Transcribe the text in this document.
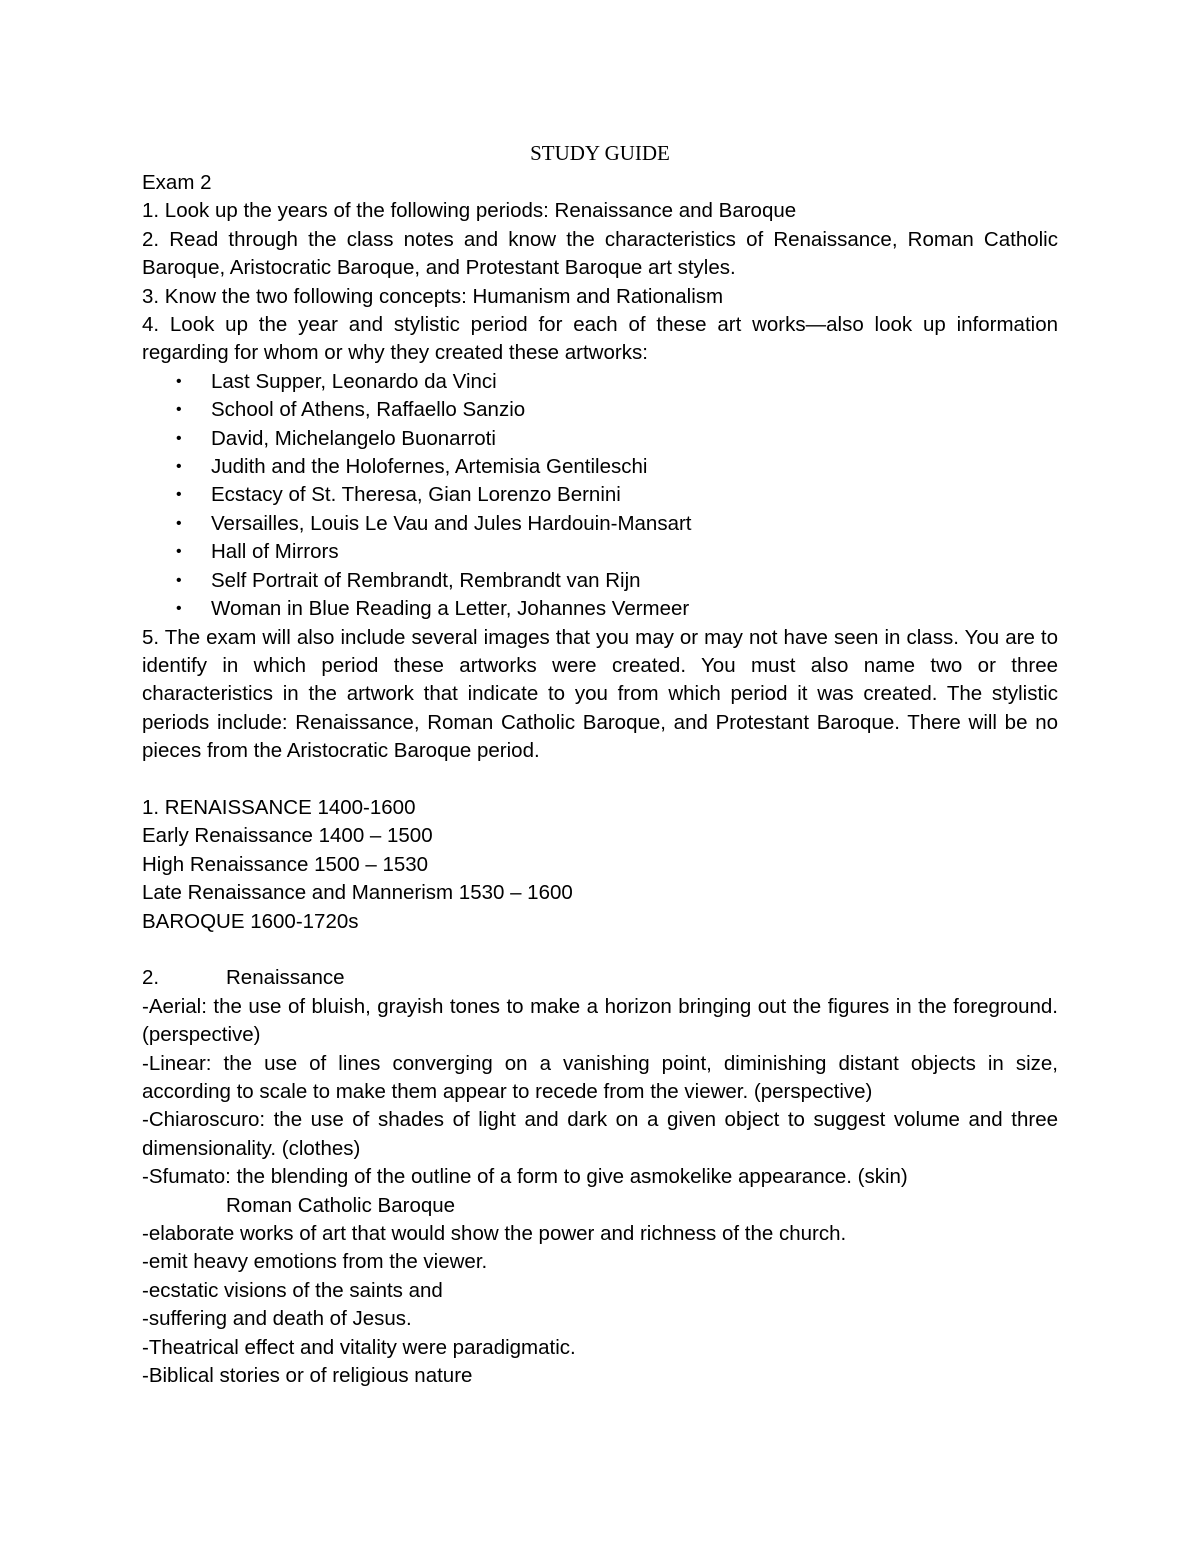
STUDY GUIDE
Exam 2
1. Look up the years of the following periods: Renaissance and Baroque
2. Read through the class notes and know the characteristics of Renaissance, Roman Catholic Baroque, Aristocratic Baroque, and Protestant Baroque art styles.
3. Know the two following concepts: Humanism and Rationalism
4. Look up the year and stylistic period for each of these art works—also look up information regarding for whom or why they created these artworks:
• Last Supper, Leonardo da Vinci
• School of Athens, Raffaello Sanzio
• David, Michelangelo Buonarroti
• Judith and the Holofernes, Artemisia Gentileschi
• Ecstacy of St. Theresa, Gian Lorenzo Bernini
• Versailles, Louis Le Vau and Jules Hardouin-Mansart
• Hall of Mirrors
• Self Portrait of Rembrandt, Rembrandt van Rijn
• Woman in Blue Reading a Letter, Johannes Vermeer
5. The exam will also include several images that you may or may not have seen in class. You are to identify in which period these artworks were created. You must also name two or three characteristics in the artwork that indicate to you from which period it was created. The stylistic periods include: Renaissance, Roman Catholic Baroque, and Protestant Baroque. There will be no pieces from the Aristocratic Baroque period.
1. RENAISSANCE 1400-1600
Early Renaissance 1400 – 1500
High Renaissance 1500 – 1530
Late Renaissance and Mannerism 1530 – 1600
BAROQUE 1600-1720s
2.	Renaissance
-Aerial: the use of bluish, grayish tones to make a horizon bringing out the figures in the foreground. (perspective)
-Linear: the use of lines converging on a vanishing point, diminishing distant objects in size, according to scale to make them appear to recede from the viewer. (perspective)
-Chiaroscuro: the use of shades of light and dark on a given object to suggest volume and three dimensionality. (clothes)
-Sfumato: the blending of the outline of a form to give asmokelike appearance. (skin)
Roman Catholic Baroque
-elaborate works of art that would show the power and richness of the church.
-emit heavy emotions from the viewer.
-ecstatic visions of the saints and
-suffering and death of Jesus.
-Theatrical effect and vitality were paradigmatic.
-Biblical stories or of religious nature
